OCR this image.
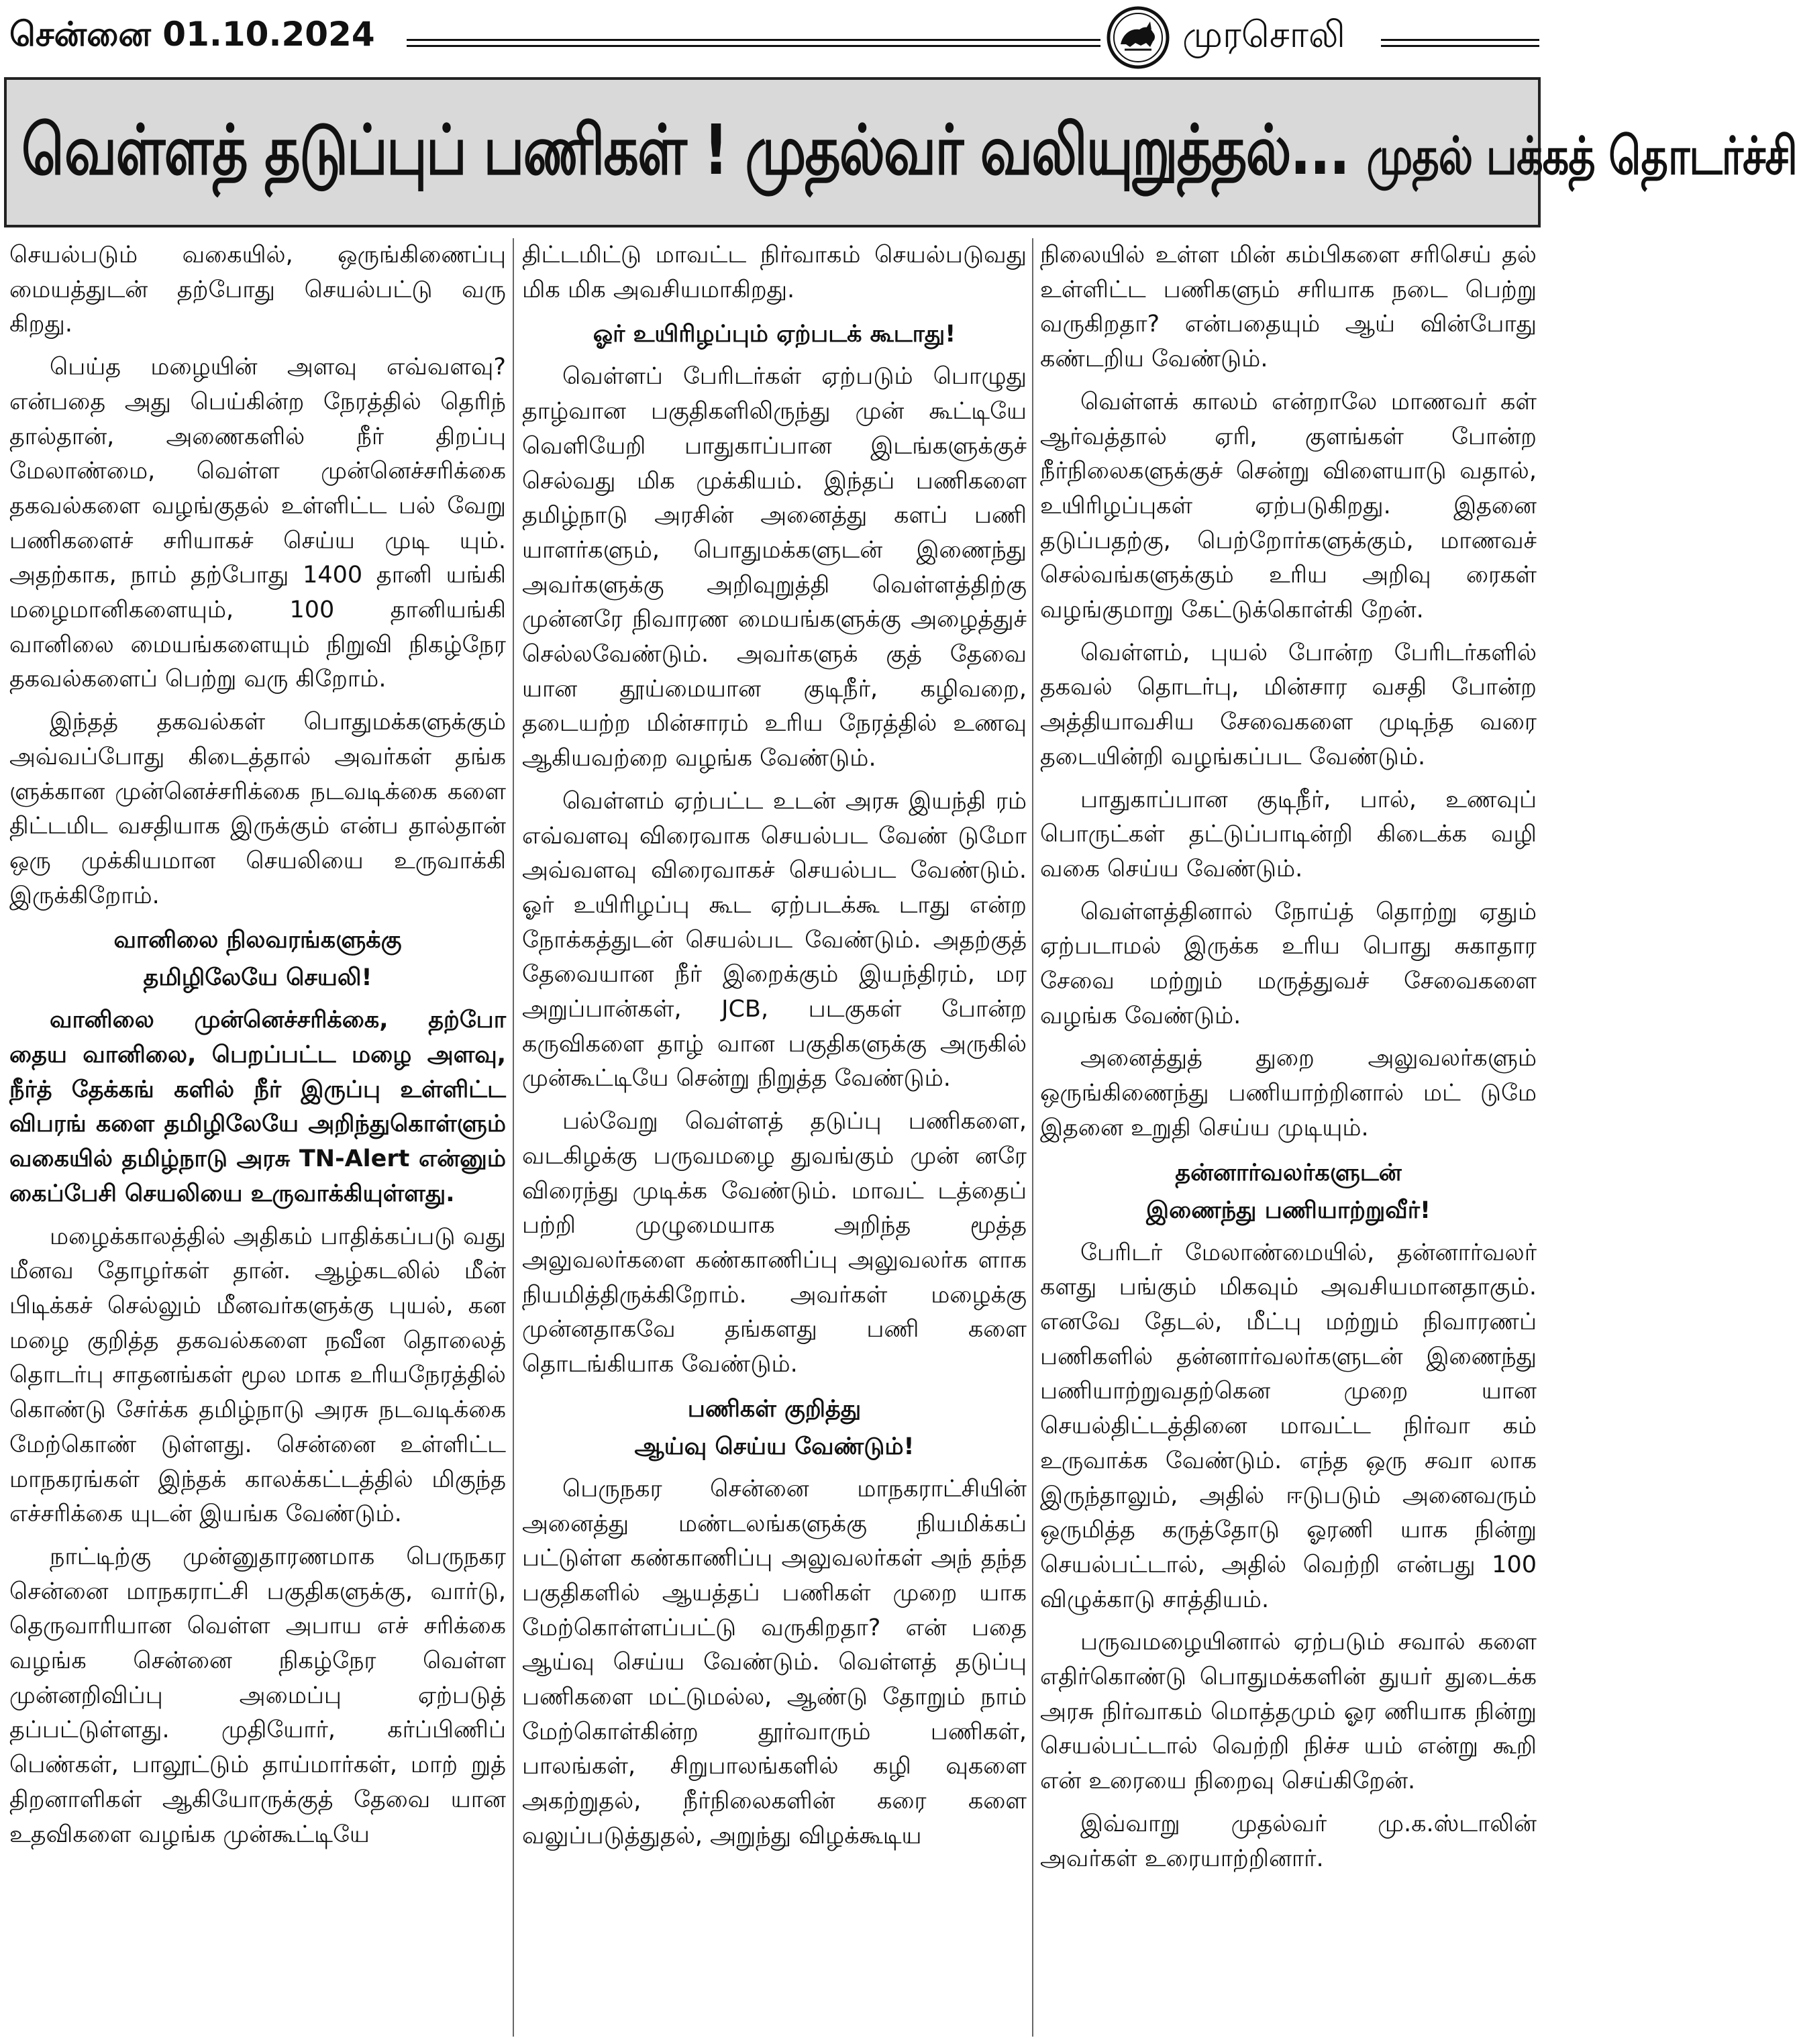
சென்னை 01.10.2024	முரசொலி
வெள்ளத் தடுப்புப் பணிகள் ! முதல்வர் வலியுறுத்தல்... முதல் பக்கத் தொடர்ச்சி

செயல்படும் வகையில், ஒருங்கிணைப்பு மையத்துடன் தற்போது செயல்பட்டு வரு கிறது.

பெய்த மழையின் அளவு எவ்வளவு? என்பதை அது பெய்கின்ற நேரத்தில் தெரிந் தால்தான், அணைகளில் நீர் திறப்பு மேலாண்மை, வெள்ள முன்னெச்சரிக்கை தகவல்களை வழங்குதல் உள்ளிட்ட பல் வேறு பணிகளைச் சரியாகச் செய்ய முடி யும். அதற்காக, நாம் தற்போது 1400 தானி யங்கி மழைமானிகளையும், 100 தானியங்கி வானிலை மையங்களையும் நிறுவி நிகழ்நேர தகவல்களைப் பெற்று வரு கிறோம்.

இந்தத் தகவல்கள் பொதுமக்களுக்கும் அவ்வப்போது கிடைத்தால் அவர்கள் தங்க ளுக்கான முன்னெச்சரிக்கை நடவடிக்கை களை திட்டமிட வசதியாக இருக்கும் என்ப தால்தான் ஒரு முக்கியமான செயலியை உருவாக்கி இருக்கிறோம்.

வானிலை நிலவரங்களுக்கு
தமிழிலேயே செயலி!

வானிலை முன்னெச்சரிக்கை, தற்போ தைய வானிலை, பெறப்பட்ட மழை அளவு, நீர்த் தேக்கங் களில் நீர் இருப்பு உள்ளிட்ட விபரங் களை தமிழிலேயே அறிந்துகொள்ளும் வகையில் தமிழ்நாடு அரசு TN-Alert என்னும் கைப்பேசி செயலியை உருவாக்கியுள்ளது.

மழைக்காலத்தில் அதிகம் பாதிக்கப்படு வது மீனவ தோழர்கள் தான். ஆழ்கடலில் மீன் பிடிக்கச் செல்லும் மீனவர்களுக்கு புயல், கன மழை குறித்த தகவல்களை நவீன தொலைத் தொடர்பு சாதனங்கள் மூல மாக உரியநேரத்தில் கொண்டு சேர்க்க தமிழ்நாடு அரசு நடவடிக்கை மேற்கொண் டுள்ளது. சென்னை உள்ளிட்ட மாநகரங்கள் இந்தக் காலக்கட்டத்தில் மிகுந்த எச்சரிக்கை யுடன் இயங்க வேண்டும்.

நாட்டிற்கு முன்னுதாரணமாக பெருநகர சென்னை மாநகராட்சி பகுதிகளுக்கு, வார்டு, தெருவாரியான வெள்ள அபாய எச் சரிக்கை வழங்க சென்னை நிகழ்நேர வெள்ள முன்னறிவிப்பு அமைப்பு ஏற்படுத் தப்பட்டுள்ளது. முதியோர், கர்ப்பிணிப் பெண்கள், பாலூட்டும் தாய்மார்கள், மாற் றுத் திறனாளிகள் ஆகியோருக்குத் தேவை யான உதவிகளை வழங்க முன்கூட்டியே

திட்டமிட்டு மாவட்ட நிர்வாகம் செயல்படுவது மிக மிக அவசியமாகிறது.

ஓர் உயிரிழப்பும் ஏற்படக் கூடாது!

வெள்ளப் பேரிடர்கள் ஏற்படும் பொழுது தாழ்வான பகுதிகளிலிருந்து முன் கூட்டியே வெளியேறி பாதுகாப்பான இடங்களுக்குச் செல்வது மிக முக்கியம். இந்தப் பணிகளை தமிழ்நாடு அரசின் அனைத்து களப் பணி யாளர்களும், பொதுமக்களுடன் இணைந்து அவர்களுக்கு அறிவுறுத்தி வெள்ளத்திற்கு முன்னரே நிவாரண மையங்களுக்கு அழைத்துச் செல்லவேண்டும். அவர்களுக் குத் தேவை யான தூய்மையான குடிநீர், கழிவறை, தடையற்ற மின்சாரம் உரிய நேரத்தில் உணவு ஆகியவற்றை வழங்க வேண்டும்.

வெள்ளம் ஏற்பட்ட உடன் அரசு இயந்தி ரம் எவ்வளவு விரைவாக செயல்பட வேண் டுமோ அவ்வளவு விரைவாகச் செயல்பட வேண்டும். ஓர் உயிரிழப்பு கூட ஏற்படக்கூ டாது என்ற நோக்கத்துடன் செயல்பட வேண்டும். அதற்குத் தேவையான நீர் இறைக்கும் இயந்திரம், மர அறுப்பான்கள், JCB, படகுகள் போன்ற கருவிகளை தாழ் வான பகுதிகளுக்கு அருகில் முன்கூட்டியே சென்று நிறுத்த வேண்டும்.

பல்வேறு வெள்ளத் தடுப்பு பணிகளை, வடகிழக்கு பருவமழை துவங்கும் முன் னரே விரைந்து முடிக்க வேண்டும். மாவட் டத்தைப் பற்றி முழுமையாக அறிந்த மூத்த அலுவலர்களை கண்காணிப்பு அலுவலர்க ளாக நியமித்திருக்கிறோம். அவர்கள் மழைக்கு முன்னதாகவே தங்களது பணி களை தொடங்கியாக வேண்டும்.

பணிகள் குறித்து
ஆய்வு செய்ய வேண்டும்!

பெருநகர சென்னை மாநகராட்சியின் அனைத்து மண்டலங்களுக்கு நியமிக்கப் பட்டுள்ள கண்காணிப்பு அலுவலர்கள் அந் தந்த பகுதிகளில் ஆயத்தப் பணிகள் முறை யாக மேற்கொள்ளப்பட்டு வருகிறதா? என் பதை ஆய்வு செய்ய வேண்டும். வெள்ளத் தடுப்பு பணிகளை மட்டுமல்ல, ஆண்டு தோறும் நாம் மேற்கொள்கின்ற தூர்வாரும் பணிகள், பாலங்கள், சிறுபாலங்களில் கழி வுகளை அகற்றுதல், நீர்நிலைகளின் கரை களை வலுப்படுத்துதல், அறுந்து விழக்கூடிய

நிலையில் உள்ள மின் கம்பிகளை சரிசெய் தல் உள்ளிட்ட பணிகளும் சரியாக நடை பெற்று வருகிறதா? என்பதையும் ஆய் வின்போது கண்டறிய வேண்டும்.

வெள்ளக் காலம் என்றாலே மாணவர் கள் ஆர்வத்தால் ஏரி, குளங்கள் போன்ற நீர்நிலைகளுக்குச் சென்று விளையாடு வதால், உயிரிழப்புகள் ஏற்படுகிறது. இதனை தடுப்பதற்கு, பெற்றோர்களுக்கும், மாணவச் செல்வங்களுக்கும் உரிய அறிவு ரைகள் வழங்குமாறு கேட்டுக்கொள்கி றேன்.

வெள்ளம், புயல் போன்ற பேரிடர்களில் தகவல் தொடர்பு, மின்சார வசதி போன்ற அத்தியாவசிய சேவைகளை முடிந்த வரை தடையின்றி வழங்கப்பட வேண்டும்.

பாதுகாப்பான குடிநீர், பால், உணவுப் பொருட்கள் தட்டுப்பாடின்றி கிடைக்க வழி வகை செய்ய வேண்டும்.

வெள்ளத்தினால் நோய்த் தொற்று ஏதும் ஏற்படாமல் இருக்க உரிய பொது சுகாதார சேவை மற்றும் மருத்துவச் சேவைகளை வழங்க வேண்டும்.

அனைத்துத் துறை அலுவலர்களும் ஒருங்கிணைந்து பணியாற்றினால் மட் டுமே இதனை உறுதி செய்ய முடியும்.

தன்னார்வலர்களுடன்
இணைந்து பணியாற்றுவீர்!

பேரிடர் மேலாண்மையில், தன்னார்வலர் களது பங்கும் மிகவும் அவசியமானதாகும். எனவே தேடல், மீட்பு மற்றும் நிவாரணப் பணிகளில் தன்னார்வலர்களுடன் இணைந்து பணியாற்றுவதற்கென முறை யான செயல்திட்டத்தினை மாவட்ட நிர்வா கம் உருவாக்க வேண்டும். எந்த ஒரு சவா லாக இருந்தாலும், அதில் ஈடுபடும் அனைவரும் ஒருமித்த கருத்தோடு ஓரணி யாக நின்று செயல்பட்டால், அதில் வெற்றி என்பது 100 விழுக்காடு சாத்தியம்.

பருவமழையினால் ஏற்படும் சவால் களை எதிர்கொண்டு பொதுமக்களின் துயர் துடைக்க அரசு நிர்வாகம் மொத்தமும் ஓர ணியாக நின்று செயல்பட்டால் வெற்றி நிச்ச யம் என்று கூறி என் உரையை நிறைவு செய்கிறேன்.

இவ்வாறு முதல்வர் மு.க.ஸ்டாலின் அவர்கள் உரையாற்றினார்.
